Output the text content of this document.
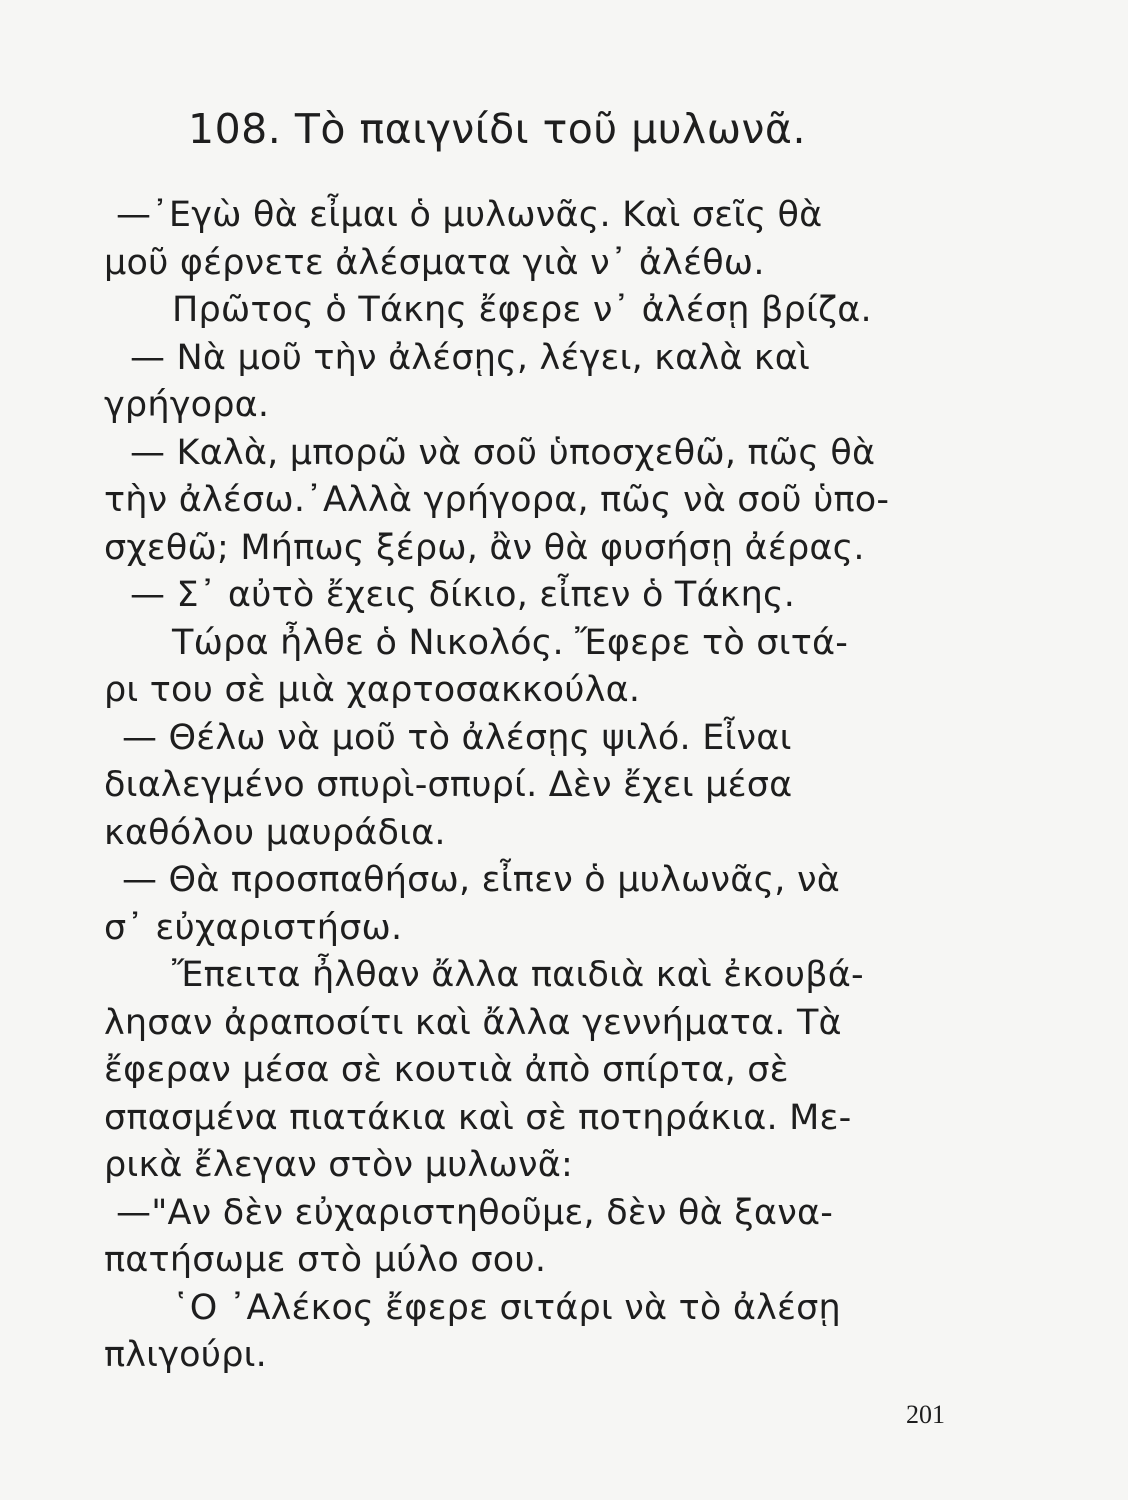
108. Τὸ παιγνίδι τοῦ μυλωνᾶ.
—᾿Εγὼ θὰ εἶμαι ὁ μυλωνᾶς. Καὶ σεῖς θὰ
μοῦ φέρνετε ἀλέσματα γιὰ ν᾿ ἀλέθω.
Πρῶτος ὁ Τάκης ἔφερε ν᾿ ἀλέσῃ βρίζα.
— Νὰ μοῦ τὴν ἀλέσῃς, λέγει, καλὰ καὶ
γρήγορα.
— Καλὰ, μπορῶ νὰ σοῦ ὑποσχεθῶ, πῶς θὰ
τὴν ἀλέσω.᾿Αλλὰ γρήγορα, πῶς νὰ σοῦ ὑπο-
σχεθῶ; Μήπως ξέρω, ἂν θὰ φυσήσῃ ἀέρας.
— Σ᾿ αὐτὸ ἔχεις δίκιο, εἶπεν ὁ Τάκης.
Τώρα ἦλθε ὁ Νικολός. Ἔφερε τὸ σιτά-
ρι του σὲ μιὰ χαρτοσακκούλα.
— Θέλω νὰ μοῦ τὸ ἀλέσῃς ψιλό. Εἶναι
διαλεγμένο σπυρὶ-σπυρί. Δὲν ἔχει μέσα
καθόλου μαυράδια.
— Θὰ προσπαθήσω, εἶπεν ὁ μυλωνᾶς, νὰ
σ᾿ εὐχαριστήσω.
Ἔπειτα ἦλθαν ἄλλα παιδιὰ καὶ ἐκουβά-
λησαν ἀραποσίτι καὶ ἄλλα γεννήματα. Τὰ
ἔφεραν μέσα σὲ κουτιὰ ἀπὸ σπίρτα, σὲ
σπασμένα πιατάκια καὶ σὲ ποτηράκια. Με-
ρικὰ ἔλεγαν στὸν μυλωνᾶ:
—"Αν δὲν εὐχαριστηθοῦμε, δὲν θὰ ξανα-
πατήσωμε στὸ μύλο σου.
῾Ο ᾿Αλέκος ἔφερε σιτάρι νὰ τὸ ἀλέσῃ
πλιγούρι.
201
